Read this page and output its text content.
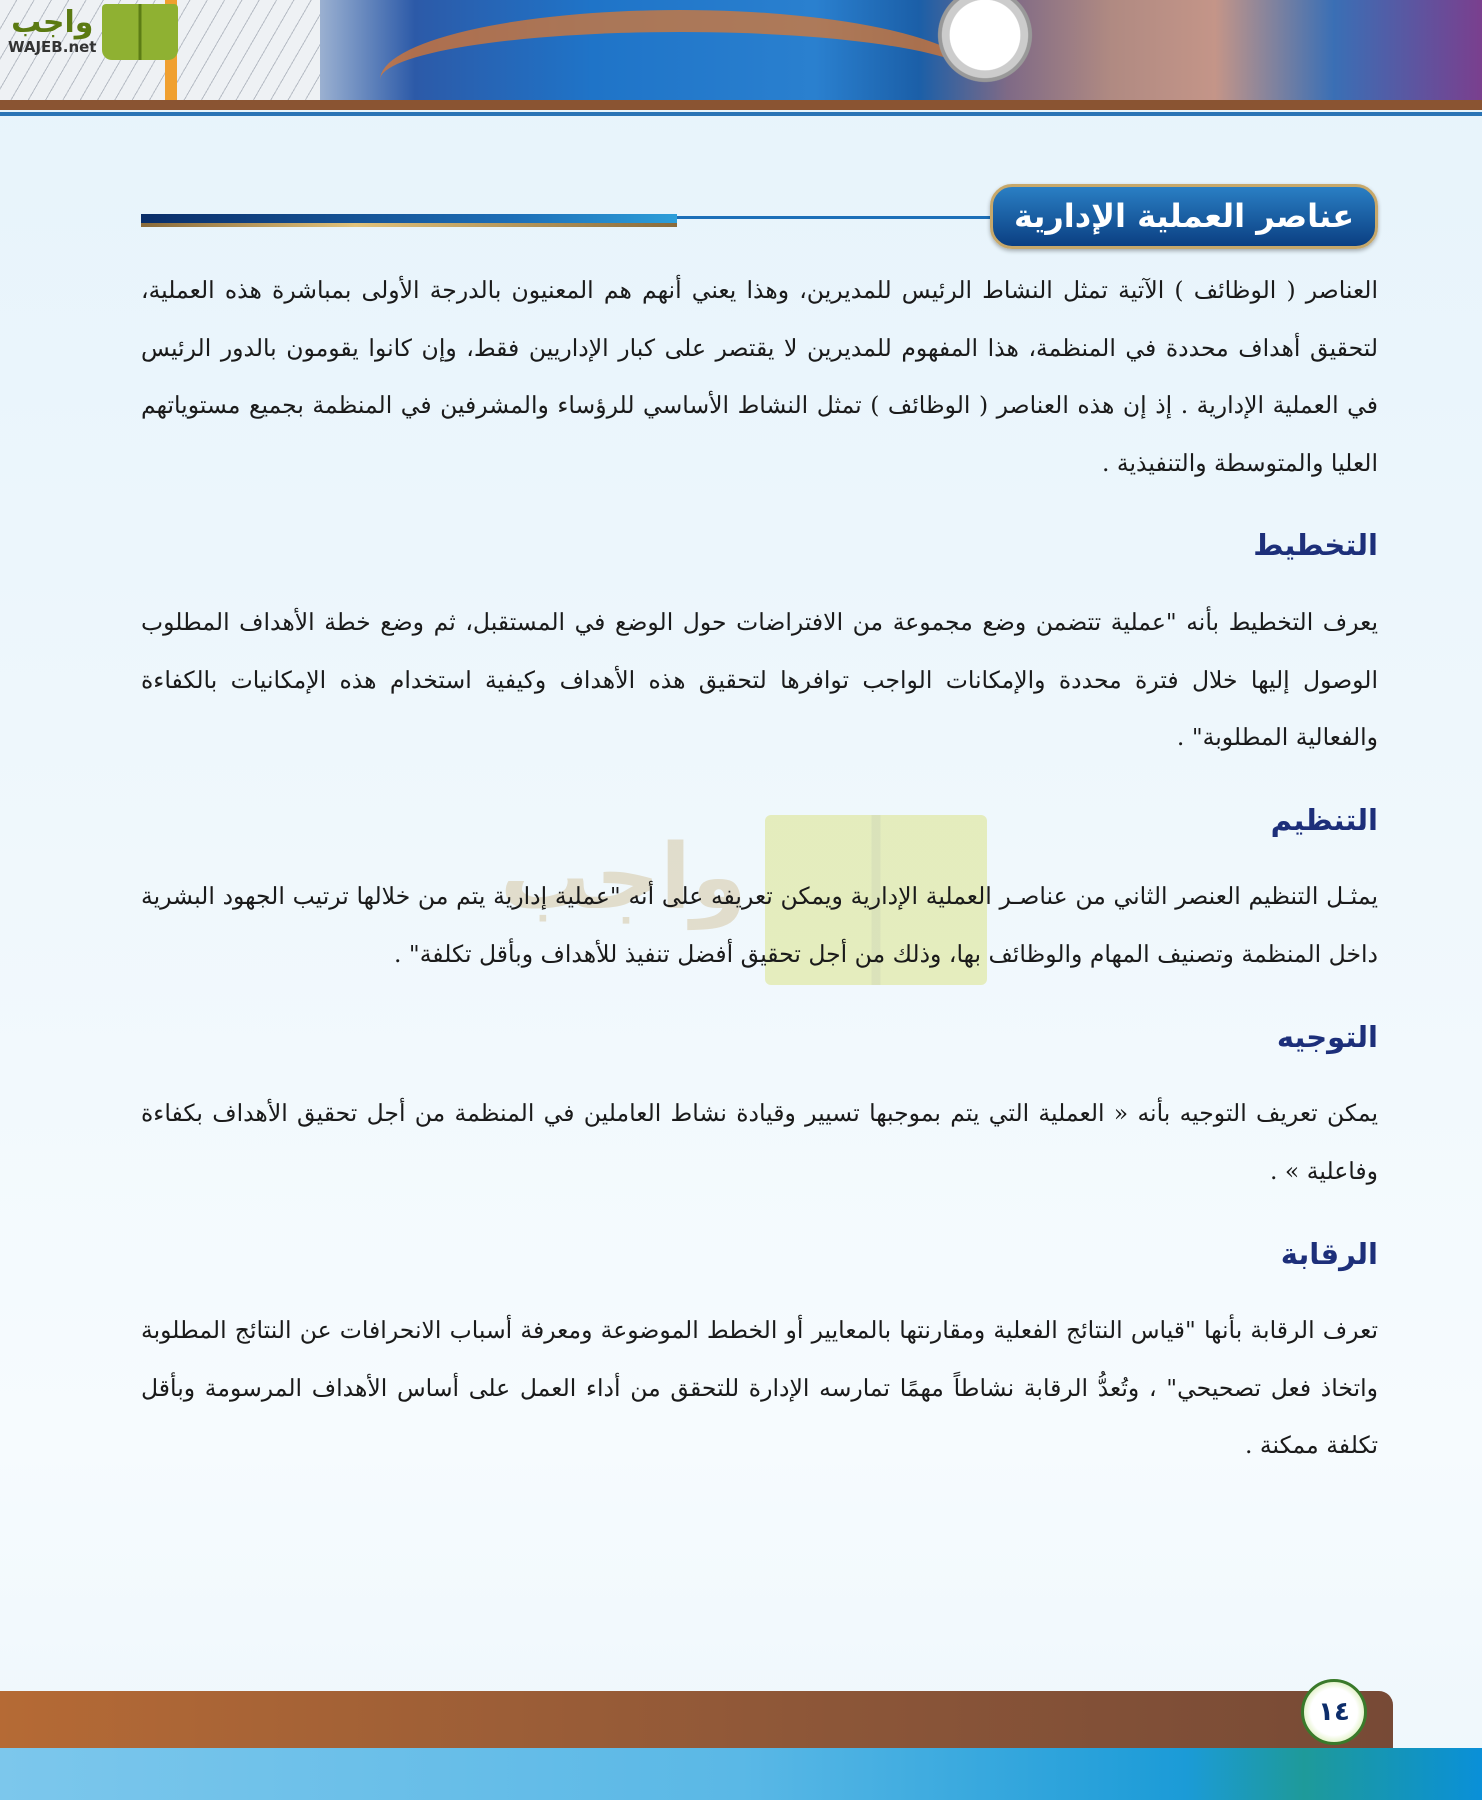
واجب
WAJEB.net
عناصر العملية الإدارية
العناصر ( الوظائف ) الآتية تمثل النشاط الرئيس للمديرين، وهذا يعني أنهم هم المعنيون بالدرجة الأولى بمباشرة هذه العملية، لتحقيق أهداف محددة في المنظمة، هذا المفهوم للمديرين لا يقتصر على كبار الإداريين فقط، وإن كانوا يقومون بالدور الرئيس في العملية الإدارية . إذ إن هذه العناصر ( الوظائف ) تمثل النشاط الأساسي للرؤساء والمشرفين في المنظمة بجميع مستوياتهم العليا والمتوسطة والتنفيذية .
التخطيط
يعرف التخطيط بأنه "عملية تتضمن وضع مجموعة من الافتراضات حول الوضع في المستقبل، ثم وضع خطة الأهداف المطلوب الوصول إليها خلال فترة محددة والإمكانات الواجب توافرها لتحقيق هذه الأهداف وكيفية استخدام هذه الإمكانيات بالكفاءة والفعالية المطلوبة" .
التنظيم
واجب
يمثـل التنظيم العنصر الثاني من عناصـر العملية الإدارية ويمكن تعريفه على أنه "عملية إدارية يتم من خلالها ترتيب الجهود البشرية داخل المنظمة وتصنيف المهام والوظائف بها، وذلك من أجل تحقيق أفضل تنفيذ للأهداف وبأقل تكلفة" .
التوجيه
يمكن تعريف التوجيه بأنه « العملية التي يتم بموجبها تسيير وقيادة نشاط العاملين في المنظمة من أجل تحقيق الأهداف بكفاءة وفاعلية » .
الرقابة
تعرف الرقابة بأنها "قياس النتائج الفعلية ومقارنتها بالمعايير أو الخطط الموضوعة ومعرفة أسباب الانحرافات عن النتائج المطلوبة واتخاذ فعل تصحيحي" ، وتُعدُّ الرقابة نشاطاً مهمًا تمارسه الإدارة للتحقق من أداء العمل على أساس الأهداف المرسومة وبأقل تكلفة ممكنة .
١٤
